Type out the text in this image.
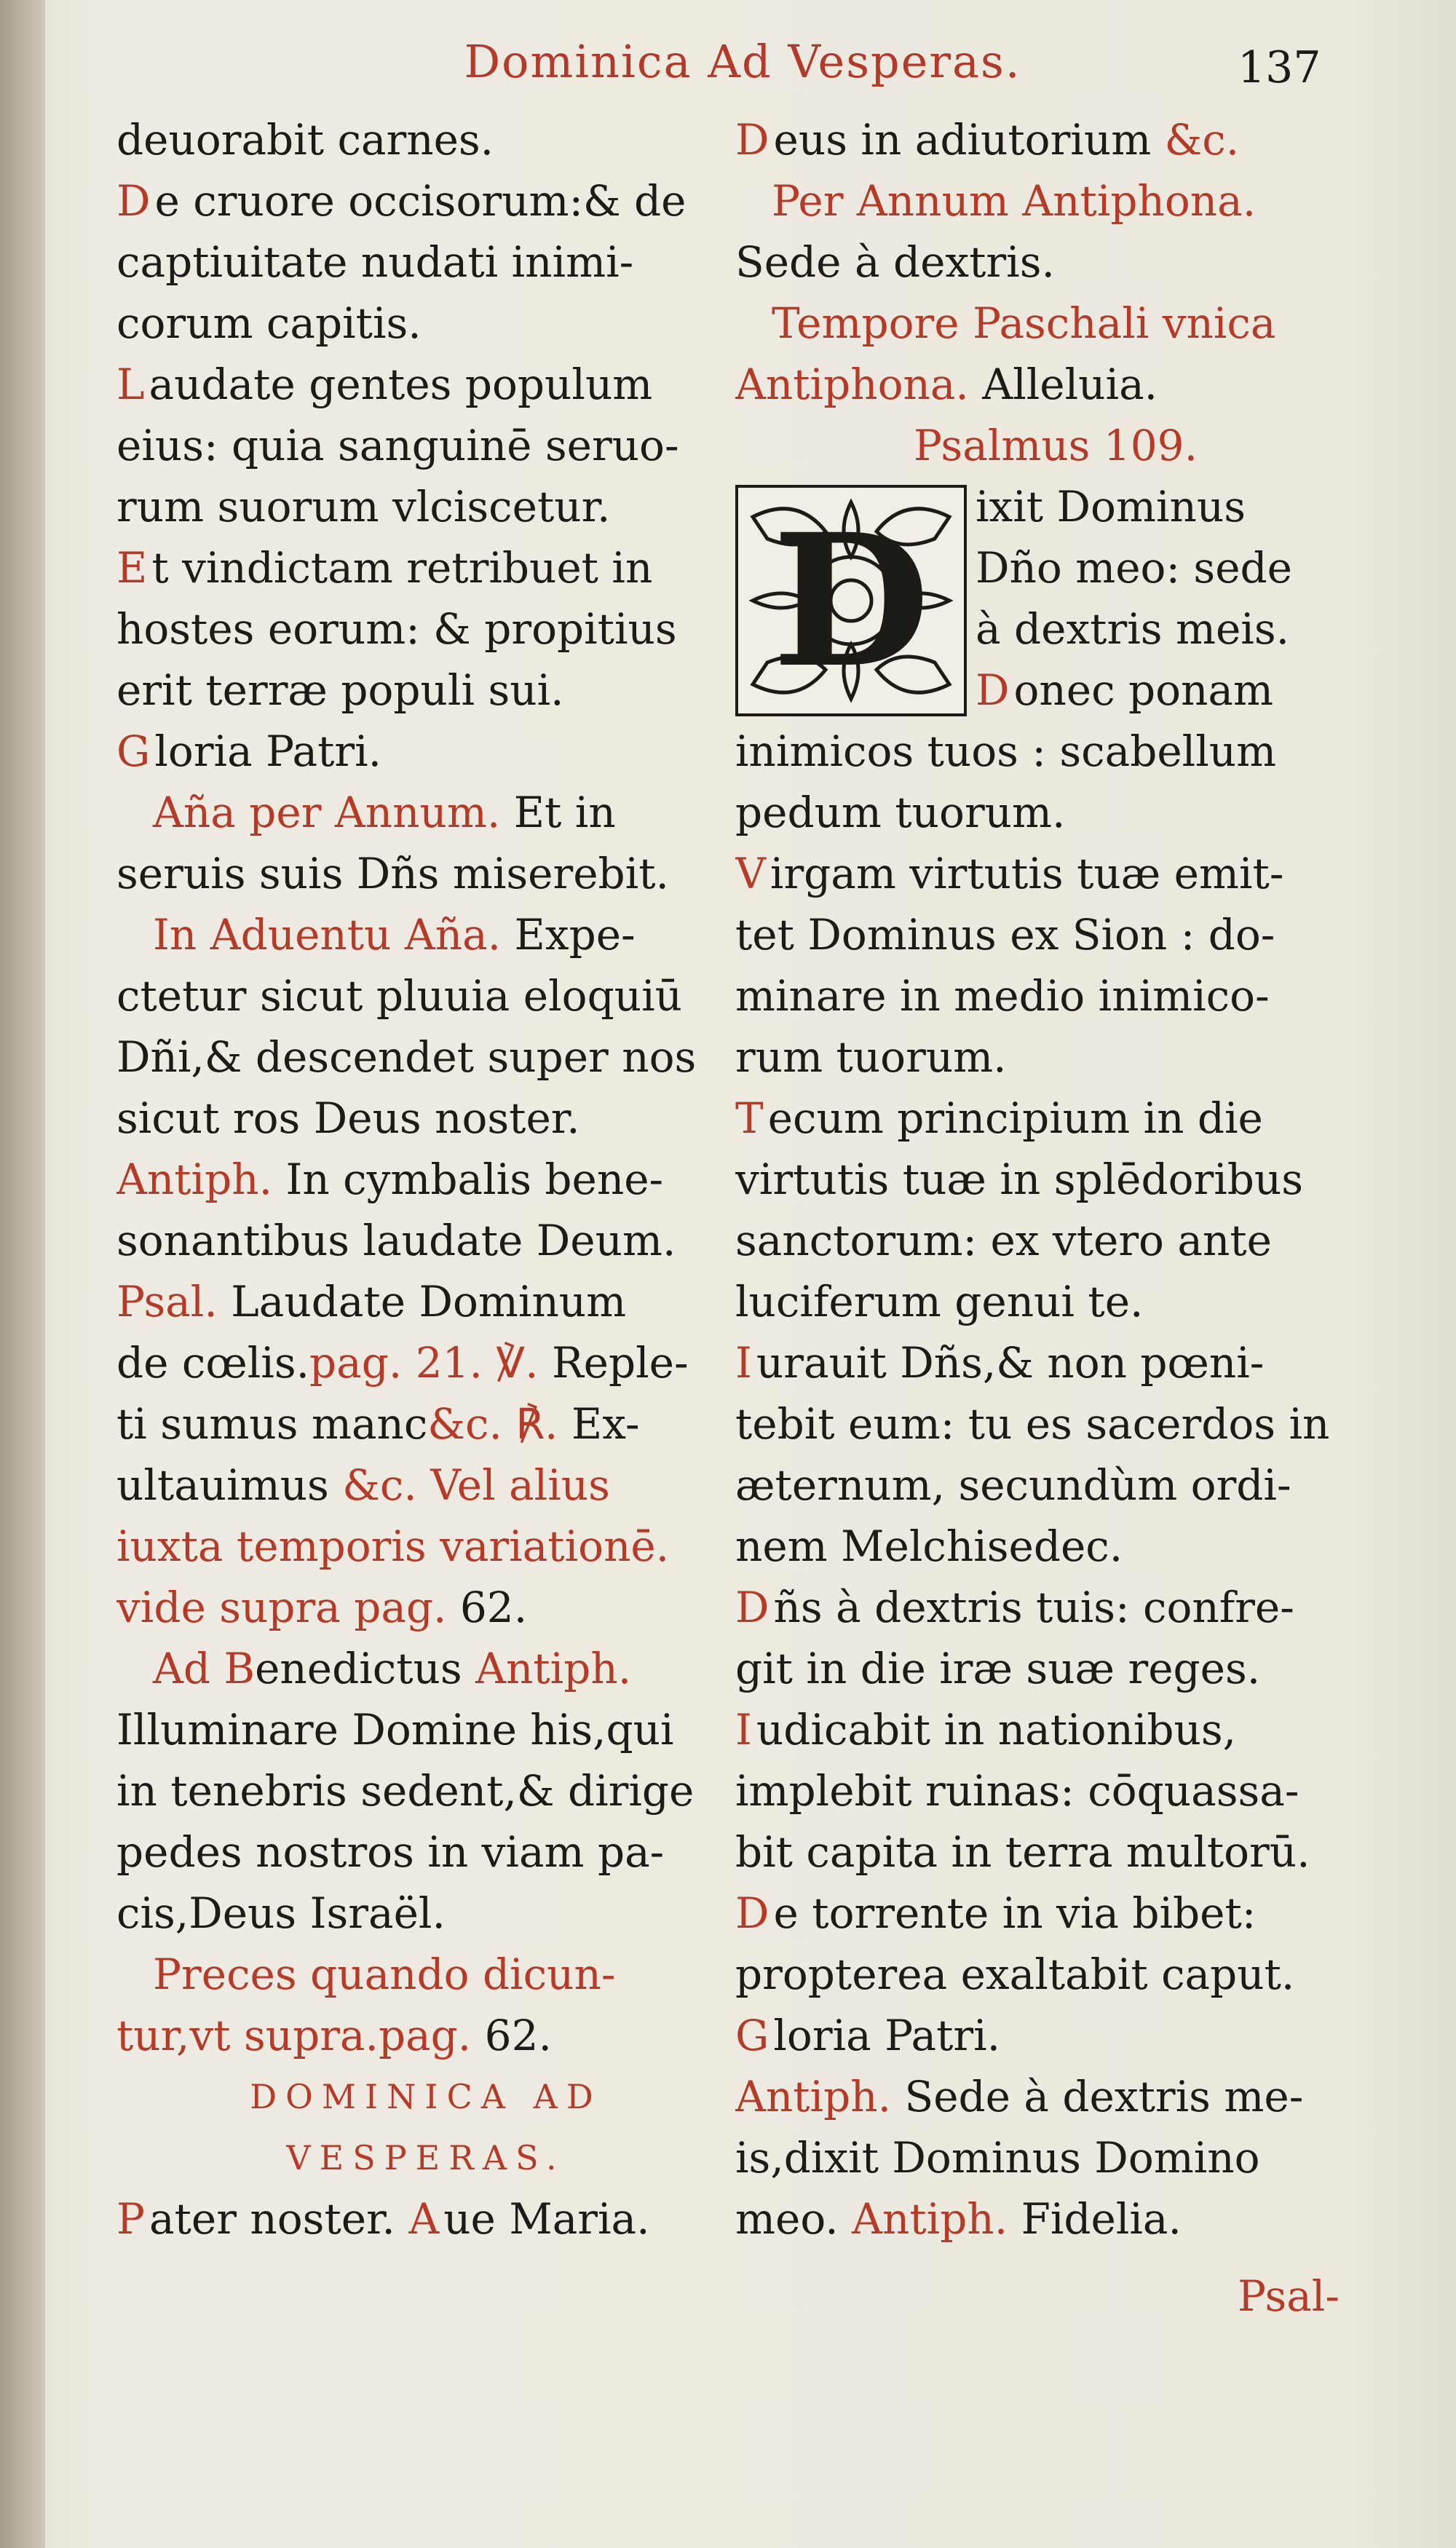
Dominica Ad Vesperas.	137
deuorabit carnes.
D e cruore occisorum:& de
captiuitate nudati inimi-
corum capitis.
L audate gentes populum
eius: quia sanguinē seruo-
rum suorum vlciscetur.
E t vindictam retribuet in
hostes eorum: & propitius
erit terræ populi sui.
G loria Patri.
Aña per Annum. Et in
seruis suis Dñs miserebit.
In Aduentu Aña. Expe-
ctetur sicut pluuia eloquiū
Dñi,& descendet super nos
sicut ros Deus noster.
Antiph. In cymbalis bene-
sonantibus laudate Deum.
Psal. Laudate Dominum
de cœlis.pag. 21. ℣. Reple-
ti sumus manc&c. ℟. Ex-
ultauimus &c. Vel alius
iuxta temporis variationē.
vide supra pag. 62.
Ad Benedictus Antiph.
Illuminare Domine his,qui
in tenebris sedent,& dirige
pedes nostros in viam pa-
cis,Deus Israël.
Preces quando dicun-
tur,vt supra.pag. 62.
DOMINICA AD
VESPERAS.
P ater noster. A ue Maria.
D eus in adiutorium &c.
Per Annum Antiphona.
Sede à dextris.
Tempore Paschali vnica
Antiphona. Alleluia.
Psalmus 109.
D ixit Dominus
Dño meo: sede
à dextris meis.
D onec ponam
inimicos tuos : scabellum
pedum tuorum.
V irgam virtutis tuæ emit-
tet Dominus ex Sion : do-
minare in medio inimico-
rum tuorum.
T ecum principium in die
virtutis tuæ in splēdoribus
sanctorum: ex vtero ante
luciferum genui te.
I urauit Dñs,& non pœni-
tebit eum: tu es sacerdos in
æternum, secundùm ordi-
nem Melchisedec.
D ñs à dextris tuis: confre-
git in die iræ suæ reges.
I udicabit in nationibus,
implebit ruinas: cōquassa-
bit capita in terra multorū.
D e torrente in via bibet:
propterea exaltabit caput.
G loria Patri.
Antiph. Sede à dextris me-
is,dixit Dominus Domino
meo. Antiph. Fidelia.
Psal-
